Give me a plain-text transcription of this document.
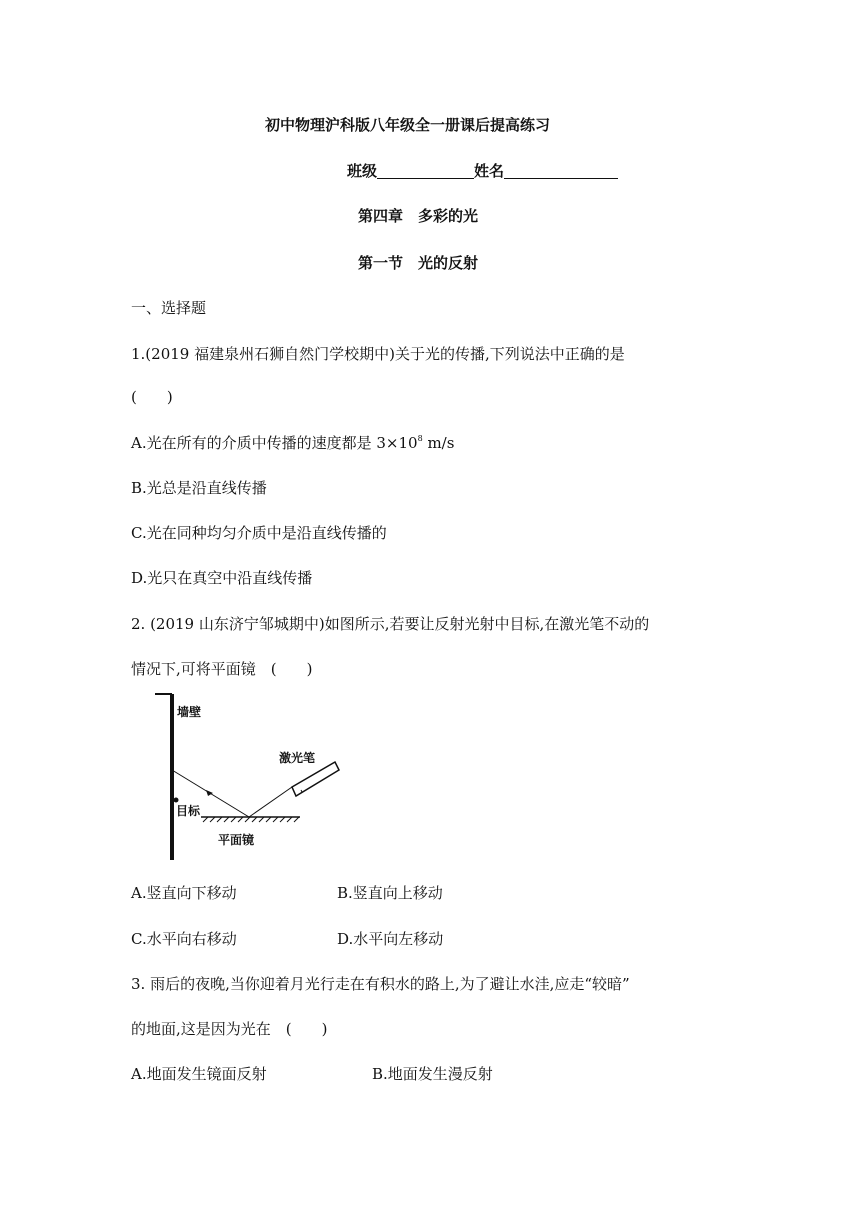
初中物理沪科版八年级全一册课后提高练习
班级	姓名
第四章　多彩的光
第一节　光的反射
一、选择题
1.(2019 福建泉州石狮自然门学校期中)关于光的传播,下列说法中正确的是
(　　)
A.光在所有的介质中传播的速度都是 $3\times 10^8$ m/s
B.光总是沿直线传播
C.光在同种均匀介质中是沿直线传播的
D.光只在真空中沿直线传播
2. (2019 山东济宁邹城期中)如图所示,若要让反射光射中目标,在激光笔不动的
情况下,可将平面镜　(　　)
墙壁
平面镜
激光笔
目标
A.竖直向下移动	B.竖直向上移动
C.水平向右移动	D.水平向左移动
3. 雨后的夜晚,当你迎着月光行走在有积水的路上,为了避让水洼,应走“较暗”
的地面,这是因为光在　(　　)
A.地面发生镜面反射	B.地面发生漫反射
